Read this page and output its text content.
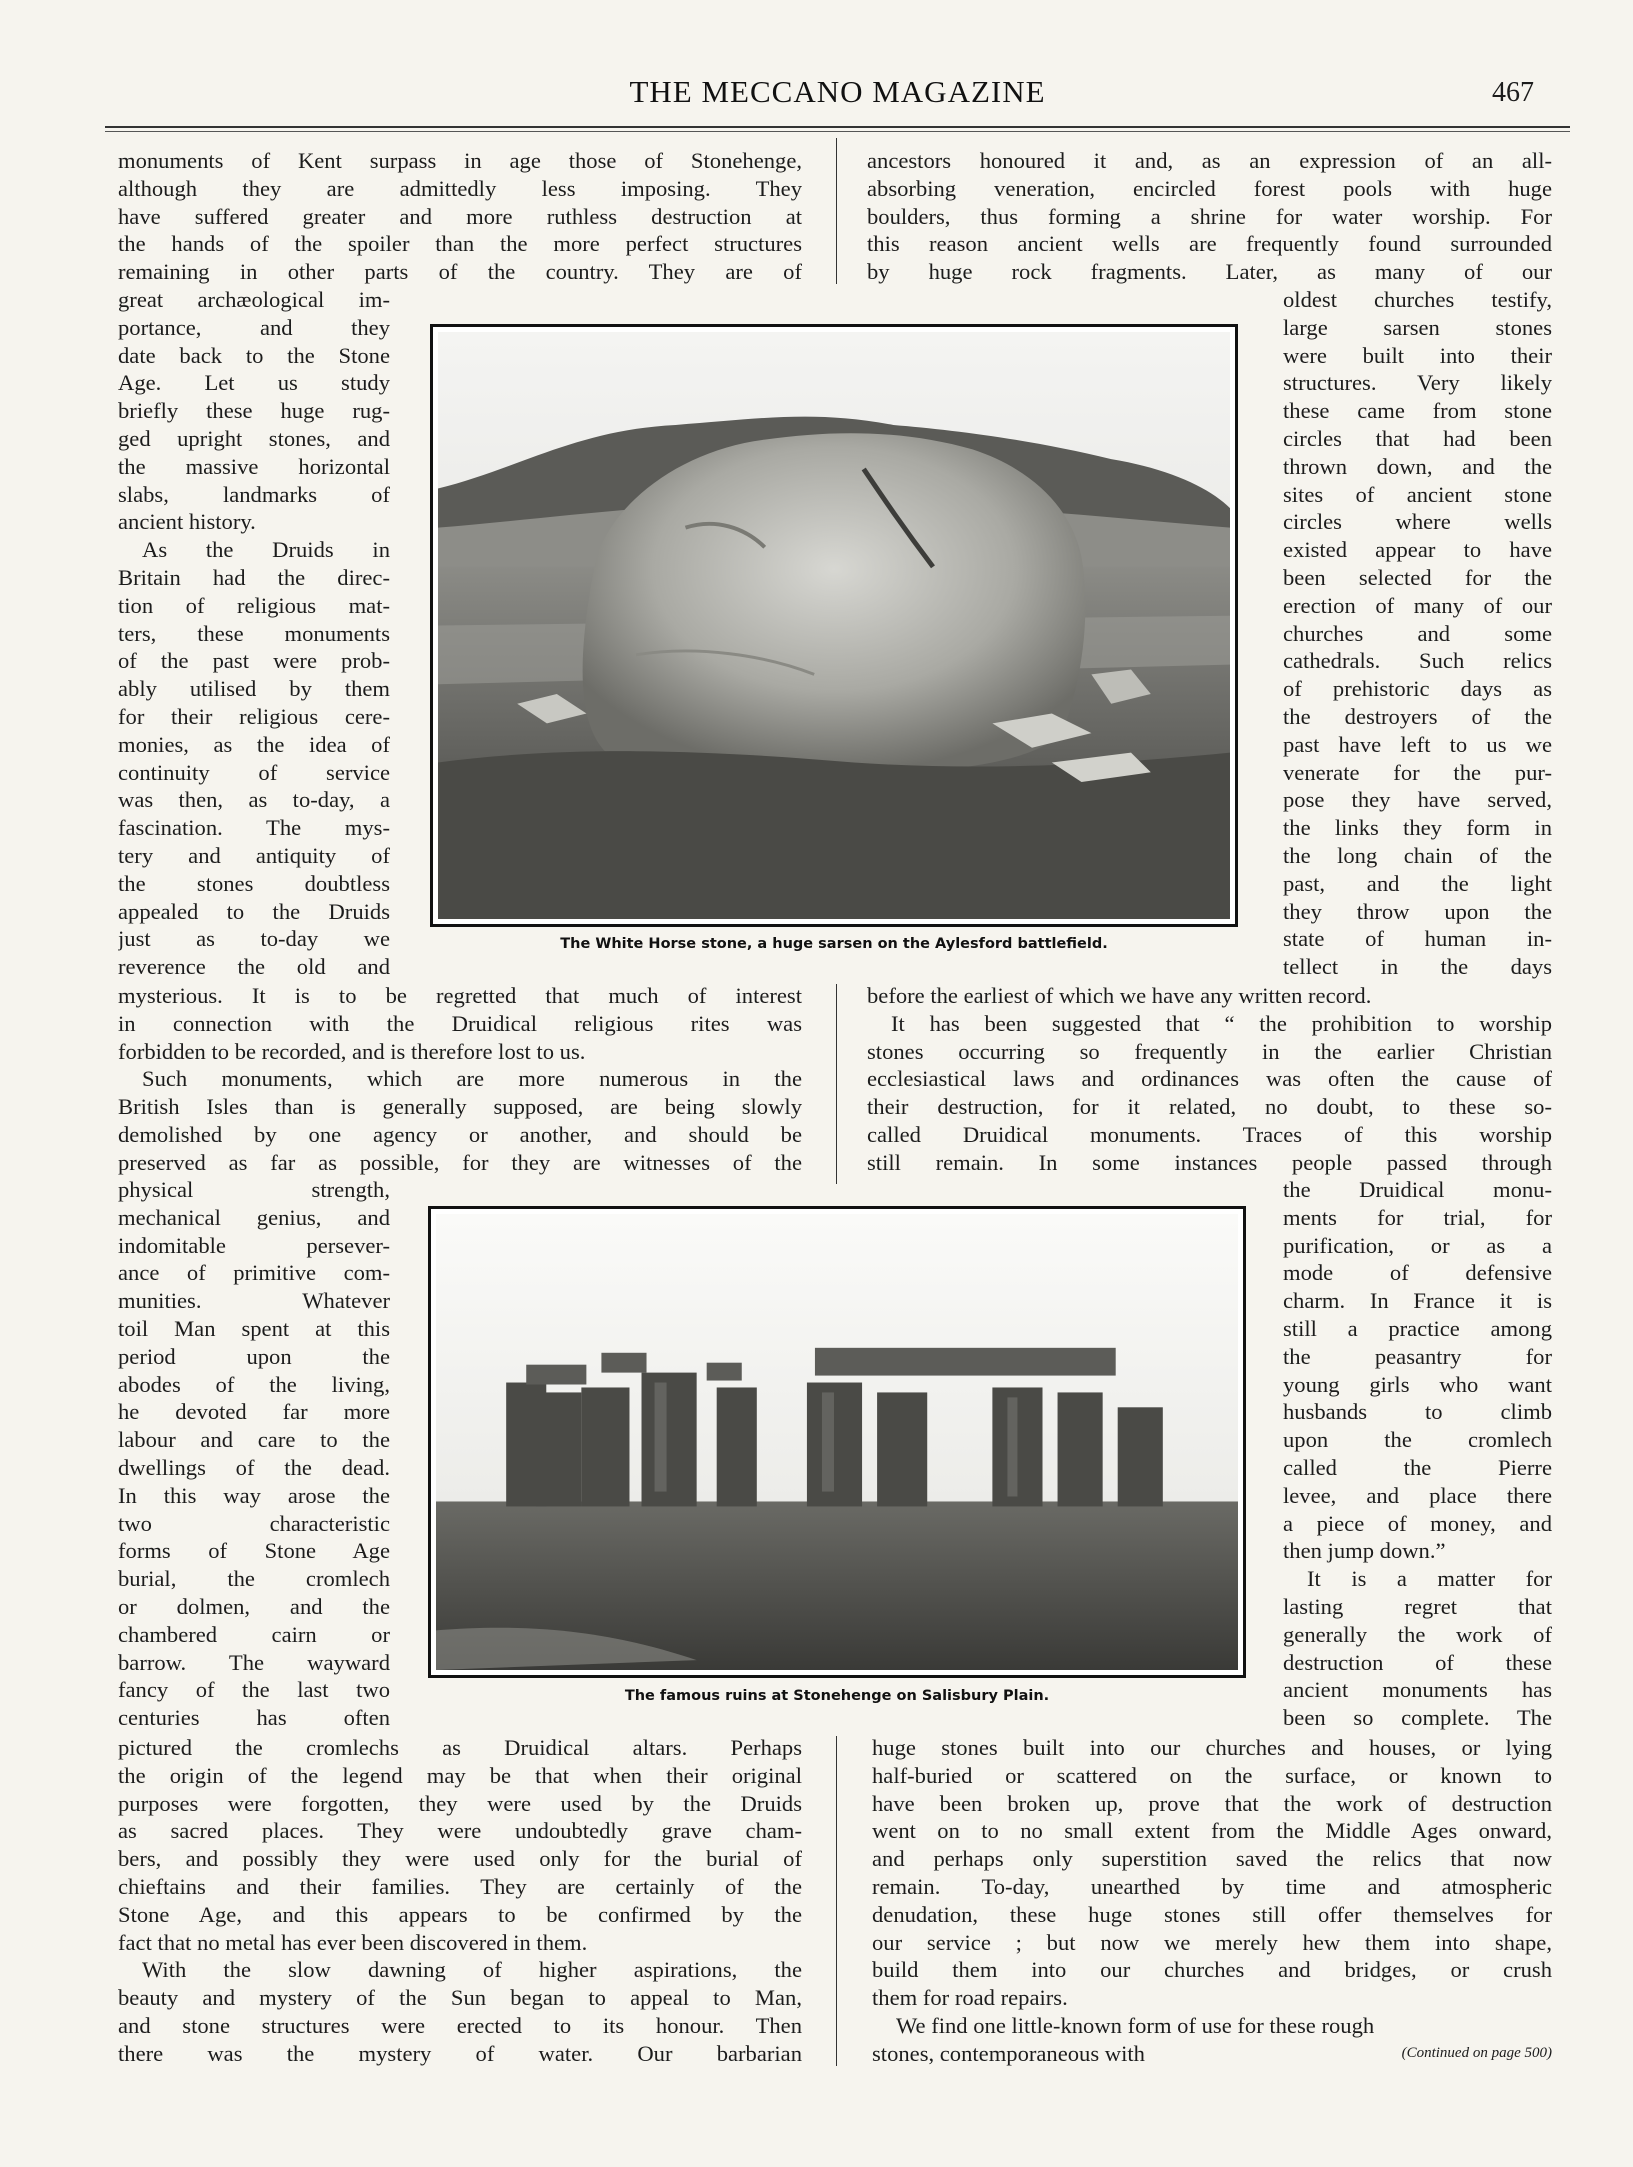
THE MECCANO MAGAZINE	467
monuments of Kent surpass in age those of Stonehenge,
although they are admittedly less imposing. They
have suffered greater and more ruthless destruction at
the hands of the spoiler than the more perfect structures
remaining in other parts of the country. They are of
great archæological im-
portance, and they
date back to the Stone
Age. Let us study
briefly these huge rug-
ged upright stones, and
the massive horizontal
slabs, landmarks of
ancient history.
As the Druids in
Britain had the direc-
tion of religious mat-
ters, these monuments
of the past were prob-
ably utilised by them
for their religious cere-
monies, as the idea of
continuity of service
was then, as to-day, a
fascination. The mys-
tery and antiquity of
the stones doubtless
appealed to the Druids
just as to-day we
reverence the old and
mysterious. It is to be regretted that much of interest
in connection with the Druidical religious rites was
forbidden to be recorded, and is therefore lost to us.
Such monuments, which are more numerous in the
British Isles than is generally supposed, are being slowly
demolished by one agency or another, and should be
preserved as far as possible, for they are witnesses of the
physical strength,
mechanical genius, and
indomitable persever-
ance of primitive com-
munities. Whatever
toil Man spent at this
period upon the
abodes of the living,
he devoted far more
labour and care to the
dwellings of the dead.
In this way arose the
two characteristic
forms of Stone Age
burial, the cromlech
or dolmen, and the
chambered cairn or
barrow. The wayward
fancy of the last two
centuries has often
pictured the cromlechs as Druidical altars. Perhaps
the origin of the legend may be that when their original
purposes were forgotten, they were used by the Druids
as sacred places. They were undoubtedly grave cham-
bers, and possibly they were used only for the burial of
chieftains and their families. They are certainly of the
Stone Age, and this appears to be confirmed by the
fact that no metal has ever been discovered in them.
With the slow dawning of higher aspirations, the
beauty and mystery of the Sun began to appeal to Man,
and stone structures were erected to its honour. Then
there was the mystery of water. Our barbarian
ancestors honoured it and, as an expression of an all-
absorbing veneration, encircled forest pools with huge
boulders, thus forming a shrine for water worship. For
this reason ancient wells are frequently found surrounded
by huge rock fragments. Later, as many of our
oldest churches testify,
large sarsen stones
were built into their
structures. Very likely
these came from stone
circles that had been
thrown down, and the
sites of ancient stone
circles where wells
existed appear to have
been selected for the
erection of many of our
churches and some
cathedrals. Such relics
of prehistoric days as
the destroyers of the
past have left to us we
venerate for the pur-
pose they have served,
the links they form in
the long chain of the
past, and the light
they throw upon the
state of human in-
tellect in the days
before the earliest of which we have any written record.
It has been suggested that “ the prohibition to worship
stones occurring so frequently in the earlier Christian
ecclesiastical laws and ordinances was often the cause of
their destruction, for it related, no doubt, to these so-
called Druidical monuments. Traces of this worship
still remain. In some instances people passed through
the Druidical monu-
ments for trial, for
purification, or as a
mode of defensive
charm. In France it is
still a practice among
the peasantry for
young girls who want
husbands to climb
upon the cromlech
called the Pierre
levee, and place there
a piece of money, and
then jump down.”
It is a matter for
lasting regret that
generally the work of
destruction of these
ancient monuments has
been so complete. The
huge stones built into our churches and houses, or lying
half-buried or scattered on the surface, or known to
have been broken up, prove that the work of destruction
went on to no small extent from the Middle Ages onward,
and perhaps only superstition saved the relics that now
remain. To-day, unearthed by time and atmospheric
denudation, these huge stones still offer themselves for
our service ; but now we merely hew them into shape,
build them into our churches and bridges, or crush
them for road repairs.
We find one little-known form of use for these rough
stones, contemporaneous with	(Continued on page 500)
The White Horse stone, a huge sarsen on the Aylesford battlefield.
The famous ruins at Stonehenge on Salisbury Plain.
